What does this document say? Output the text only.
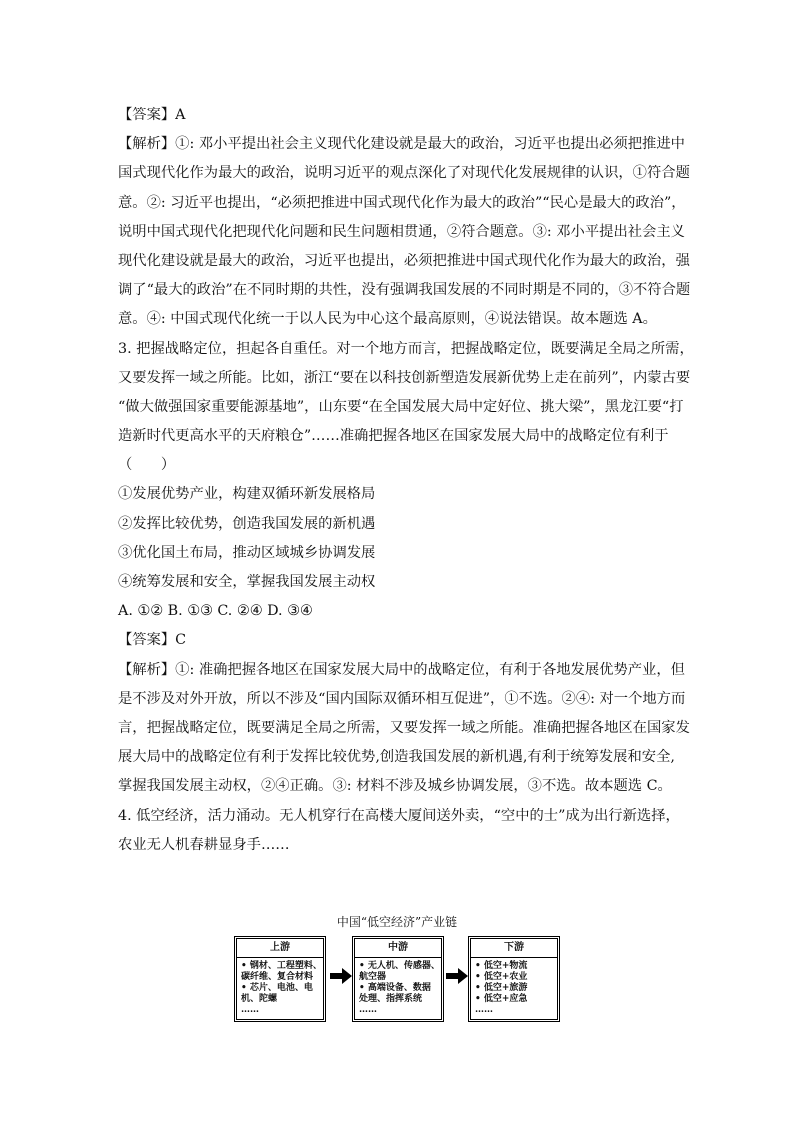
【答案】A
【解析】①: 邓小平提出社会主义现代化建设就是最大的政治，习近平也提出必须把推进中
国式现代化作为最大的政治，说明习近平的观点深化了对现代化发展规律的认识，①符合题
意。②: 习近平也提出，“必须把推进中国式现代化作为最大的政治”“民心是最大的政治”，
说明中国式现代化把现代化问题和民生问题相贯通，②符合题意。③: 邓小平提出社会主义
现代化建设就是最大的政治，习近平也提出，必须把推进中国式现代化作为最大的政治，强
调了“最大的政治”在不同时期的共性，没有强调我国发展的不同时期是不同的，③不符合题
意。④: 中国式现代化统一于以人民为中心这个最高原则，④说法错误。故本题选 A。
3. 把握战略定位，担起各自重任。对一个地方而言，把握战略定位，既要满足全局之所需，
又要发挥一域之所能。比如，浙江“要在以科技创新塑造发展新优势上走在前列”，内蒙古要
“做大做强国家重要能源基地”，山东要“在全国发展大局中定好位、挑大梁”，黑龙江要“打
造新时代更高水平的天府粮仓”……准确把握各地区在国家发展大局中的战略定位有利于
（　　）
①发展优势产业，构建双循环新发展格局
②发挥比较优势，创造我国发展的新机遇
③优化国土布局，推动区域城乡协调发展
④统筹发展和安全，掌握我国发展主动权
A. ①② B. ①③ C. ②④ D. ③④
【答案】C
【解析】①: 准确把握各地区在国家发展大局中的战略定位，有利于各地发展优势产业，但
是不涉及对外开放，所以不涉及“国内国际双循环相互促进”，①不选。②④: 对一个地方而
言，把握战略定位，既要满足全局之所需，又要发挥一域之所能。准确把握各地区在国家发
展大局中的战略定位有利于发挥比较优势,创造我国发展的新机遇,有利于统筹发展和安全,
掌握我国发展主动权，②④正确。③: 材料不涉及城乡协调发展，③不选。故本题选 C。
4. 低空经济，活力涌动。无人机穿行在高楼大厦间送外卖，“空中的士”成为出行新选择，
农业无人机春耕显身手……
中国“低空经济”产业链
上游
• 钢材、工程塑料、
碳纤维、复合材料
• 芯片、电池、电
机、陀螺
……
中游
• 无人机、传感器、
航空器
• 高端设备、数据
处理、指挥系统
……
下游
• 低空+物流
• 低空+农业
• 低空+旅游
• 低空+应急
……
